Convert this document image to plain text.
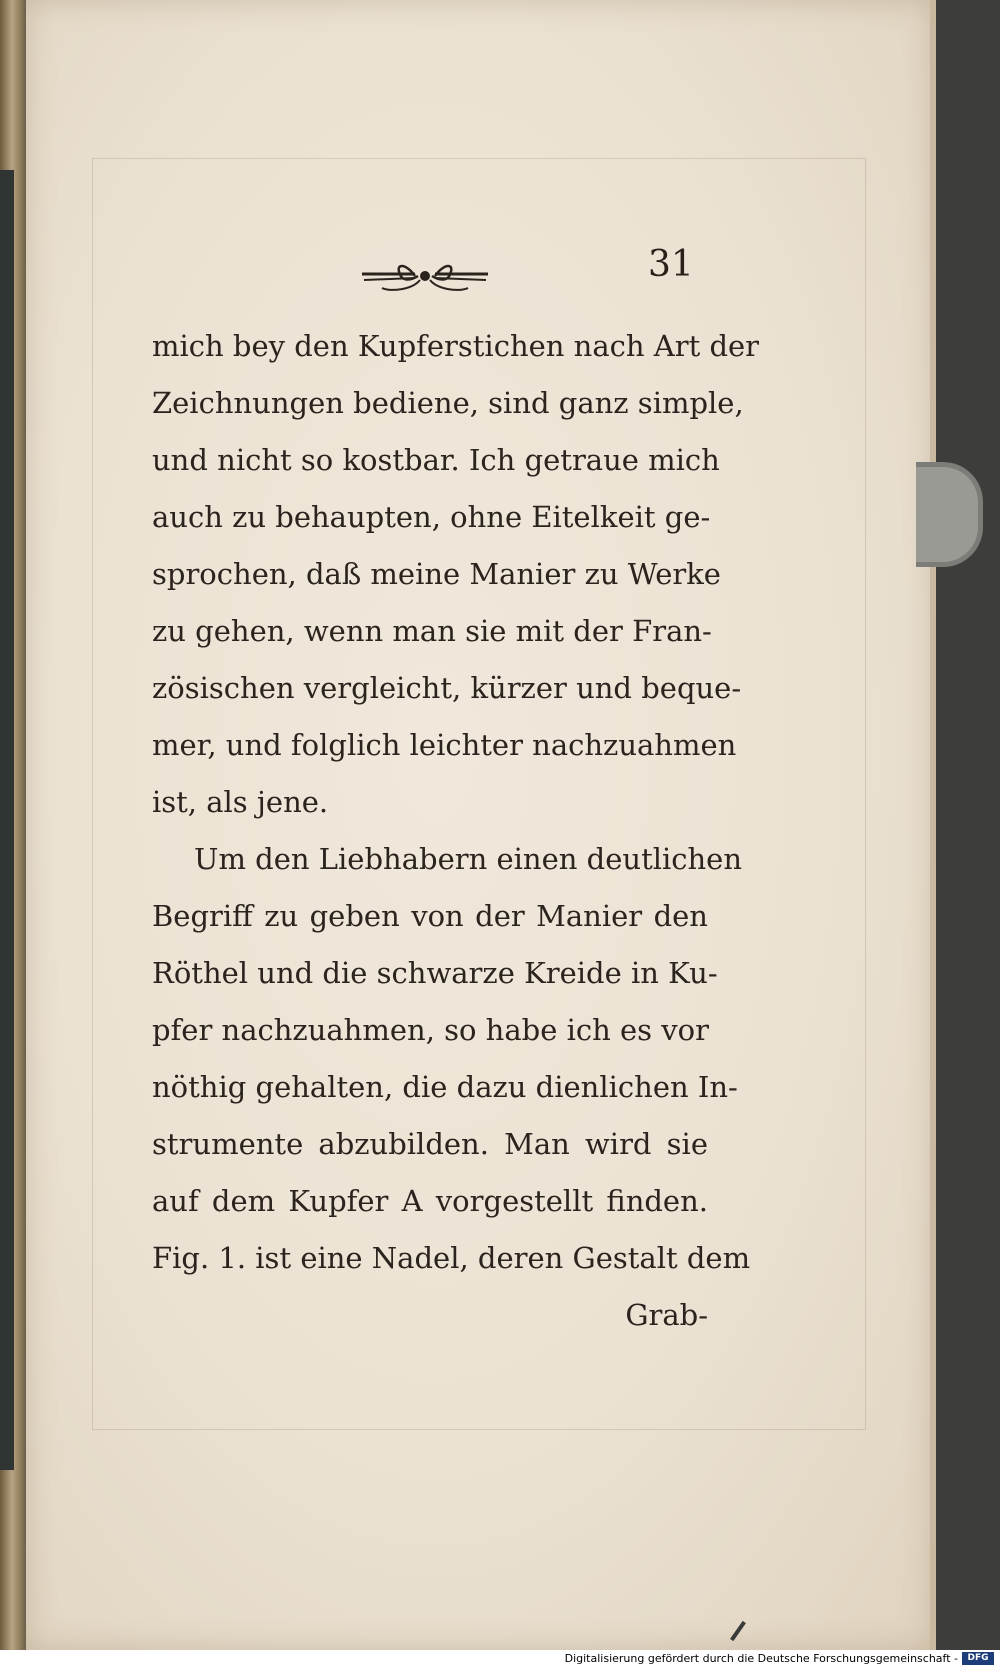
31
mich bey den Kupferstichen nach Art der
Zeichnungen bediene, sind ganz simple,
und nicht so kostbar. Ich getraue mich
auch zu behaupten, ohne Eitelkeit ge-
sprochen, daß meine Manier zu Werke
zu gehen, wenn man sie mit der Fran-
zösischen vergleicht, kürzer und beque-
mer, und folglich leichter nachzuahmen
ist, als jene.
Um den Liebhabern einen deutlichen
Begriff zu geben von der Manier den
Röthel und die schwarze Kreide in Ku-
pfer nachzuahmen, so habe ich es vor
nöthig gehalten, die dazu dienlichen In-
strumente abzubilden. Man wird sie
auf dem Kupfer A vorgestellt finden.
Fig. 1. ist eine Nadel, deren Gestalt dem
Grab-
Digitalisierung gefördert durch die Deutsche Forschungsgemeinschaft -	DFG
